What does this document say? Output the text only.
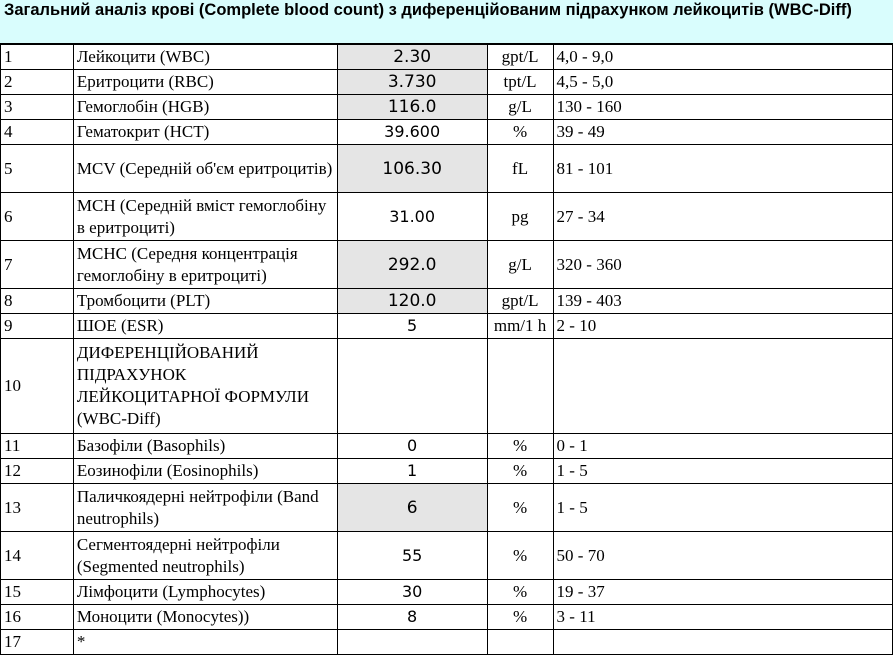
Загальний аналіз крові (Complete blood count) з диференційованим підрахунком лейкоцитів (WBC-Diff)
1	Лейкоцити (WBC)	2.30	gpt/L	4,0 - 9,0
2	Еритроцити (RBC)	3.730	tpt/L	4,5 - 5,0
3	Гемоглобін (HGB)	116.0	g/L	130 - 160
4	Гематокрит (HCT)	39.600	%	39 - 49
5	MCV (Середній об'єм еритроцитів)	106.30	fL	81 - 101
6	MCH (Середній вміст гемоглобіну в еритроциті)	31.00	pg	27 - 34
7	MCHC (Середня концентрація гемоглобіну в еритроциті)	292.0	g/L	320 - 360
8	Тромбоцити (PLT)	120.0	gpt/L	139 - 403
9	ШОЕ (ESR)	5	mm/1 h	2 - 10
10	ДИФЕРЕНЦІЙОВАНИЙ ПІДРАХУНОК ЛЕЙКОЦИТАРНОЇ ФОРМУЛИ (WBC-Diff)			
11	Базофіли (Basophils)	0	%	0 - 1
12	Еозинофіли (Eosinophils)	1	%	1 - 5
13	Паличкоядерні нейтрофіли (Band neutrophils)	6	%	1 - 5
14	Сегментоядерні нейтрофіли (Segmented neutrophils)	55	%	50 - 70
15	Лімфоцити (Lymphocytes)	30	%	19 - 37
16	Моноцити (Monocytes))	8	%	3 - 11
17	*			
